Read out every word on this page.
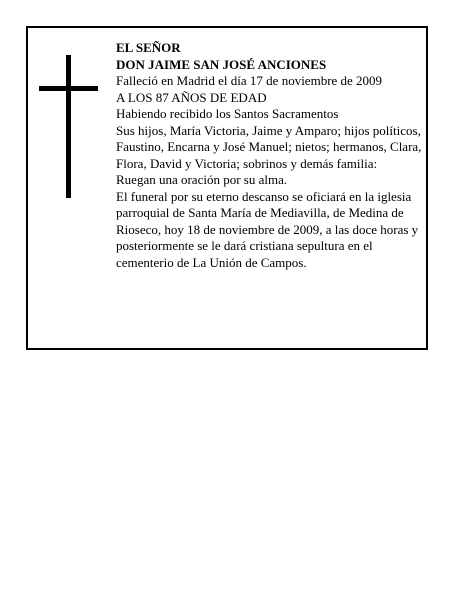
EL SEÑOR
DON JAIME SAN JOSÉ ANCIONES
Falleció en Madrid el día 17 de noviembre de 2009
A LOS 87 AÑOS DE EDAD
Habiendo recibido los Santos Sacramentos
Sus hijos, María Victoria, Jaime y Amparo; hijos políticos, Faustino, Encarna y José Manuel; nietos; hermanos, Clara, Flora, David y Victoria; sobrinos y demás familia:
Ruegan una oración por su alma.
El funeral por su eterno descanso se oficiará en la iglesia parroquial de Santa María de Mediavilla, de Medina de Rioseco, hoy 18 de noviembre de 2009, a las doce horas y posteriormente se le dará cristiana sepultura en el cementerio de La Unión de Campos.
